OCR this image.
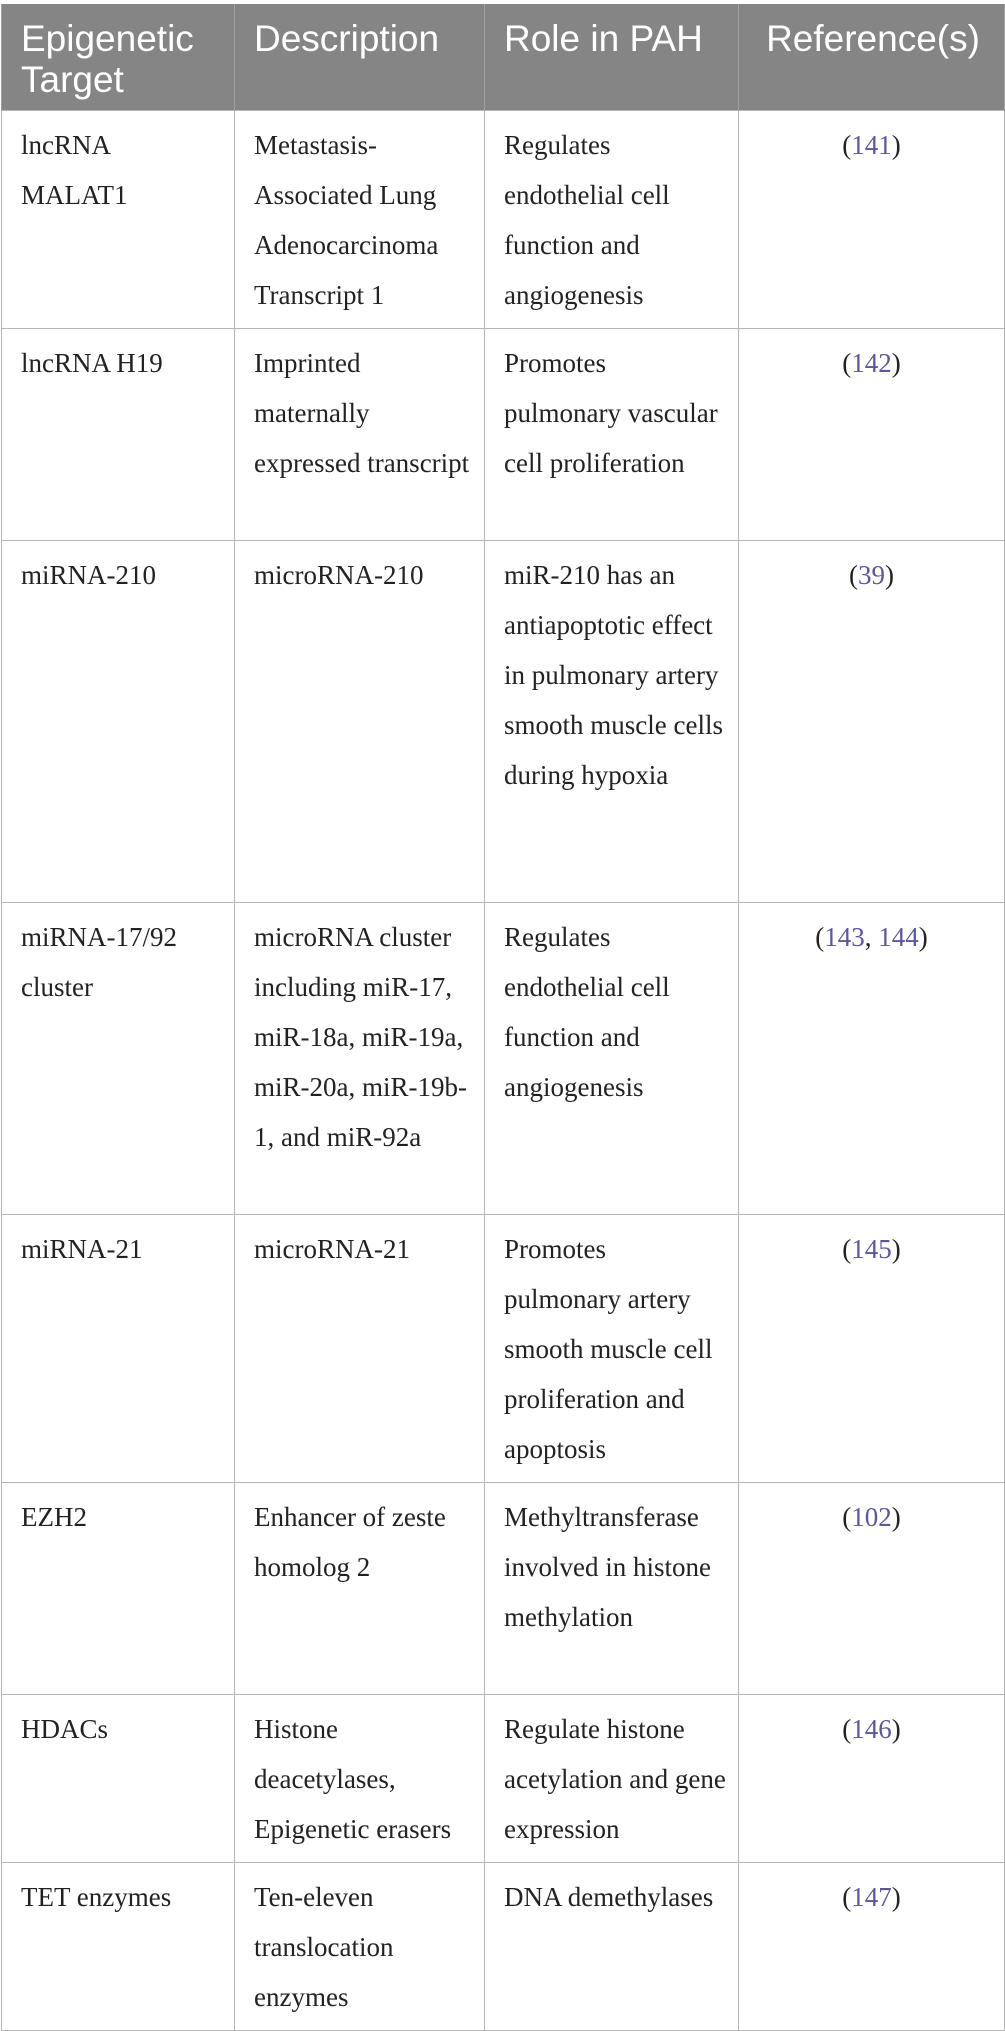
Epigenetic Target	Description	Role in PAH	Reference(s)
lncRNA MALAT1	Metastasis-Associated Lung Adenocarcinoma Transcript 1	Regulates endothelial cell function and angiogenesis	(141)
lncRNA H19	Imprinted maternally expressed transcript	Promotes pulmonary vascular cell proliferation	(142)
miRNA-210	microRNA-210	miR-210 has an antiapoptotic effect in pulmonary artery smooth muscle cells during hypoxia	(39)
miRNA-17/92 cluster	microRNA cluster including miR-17, miR-18a, miR-19a, miR-20a, miR-19b-1, and miR-92a	Regulates endothelial cell function and angiogenesis	(143, 144)
miRNA-21	microRNA-21	Promotes pulmonary artery smooth muscle cell proliferation and apoptosis	(145)
EZH2	Enhancer of zeste homolog 2	Methyltransferase involved in histone methylation	(102)
HDACs	Histone deacetylases, Epigenetic erasers	Regulate histone acetylation and gene expression	(146)
TET enzymes	Ten-eleven translocation enzymes	DNA demethylases	(147)
